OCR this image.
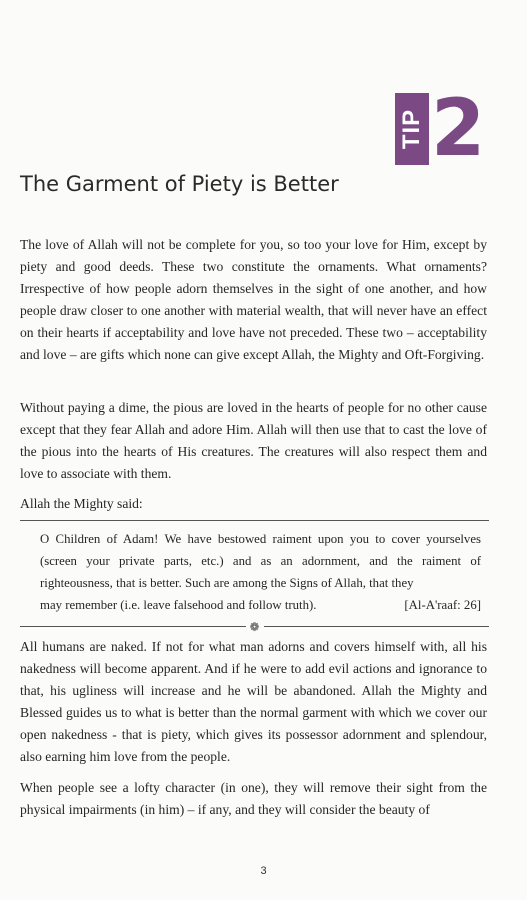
TIP 2
The Garment of Piety is Better

The love of Allah will not be complete for you, so too your love for Him, except by piety and good deeds. These two constitute the ornaments. What ornaments? Irrespective of how people adorn themselves in the sight of one another, and how people draw closer to one another with material wealth, that will never have an effect on their hearts if acceptability and love have not preceded. These two – acceptability and love – are gifts which none can give except Allah, the Mighty and Oft-Forgiving.

Without paying a dime, the pious are loved in the hearts of people for no other cause except that they fear Allah and adore Him. Allah will then use that to cast the love of the pious into the hearts of His creatures. The creatures will also respect them and love to associate with them.

Allah the Mighty said:

O Children of Adam! We have bestowed raiment upon you to cover yourselves (screen your private parts, etc.) and as an adornment, and the raiment of righteousness, that is better. Such are among the Signs of Allah, that they
may remember (i.e. leave falsehood and follow truth).	[Al-A'raaf: 26]
❁

All humans are naked. If not for what man adorns and covers himself with, all his nakedness will become apparent. And if he were to add evil actions and ignorance to that, his ugliness will increase and he will be abandoned. Allah the Mighty and Blessed guides us to what is better than the normal garment with which we cover our open nakedness - that is piety, which gives its possessor adornment and splendour, also earning him love from the people.

When people see a lofty character (in one), they will remove their sight from the physical impairments (in him) – if any, and they will consider the beauty of

3
